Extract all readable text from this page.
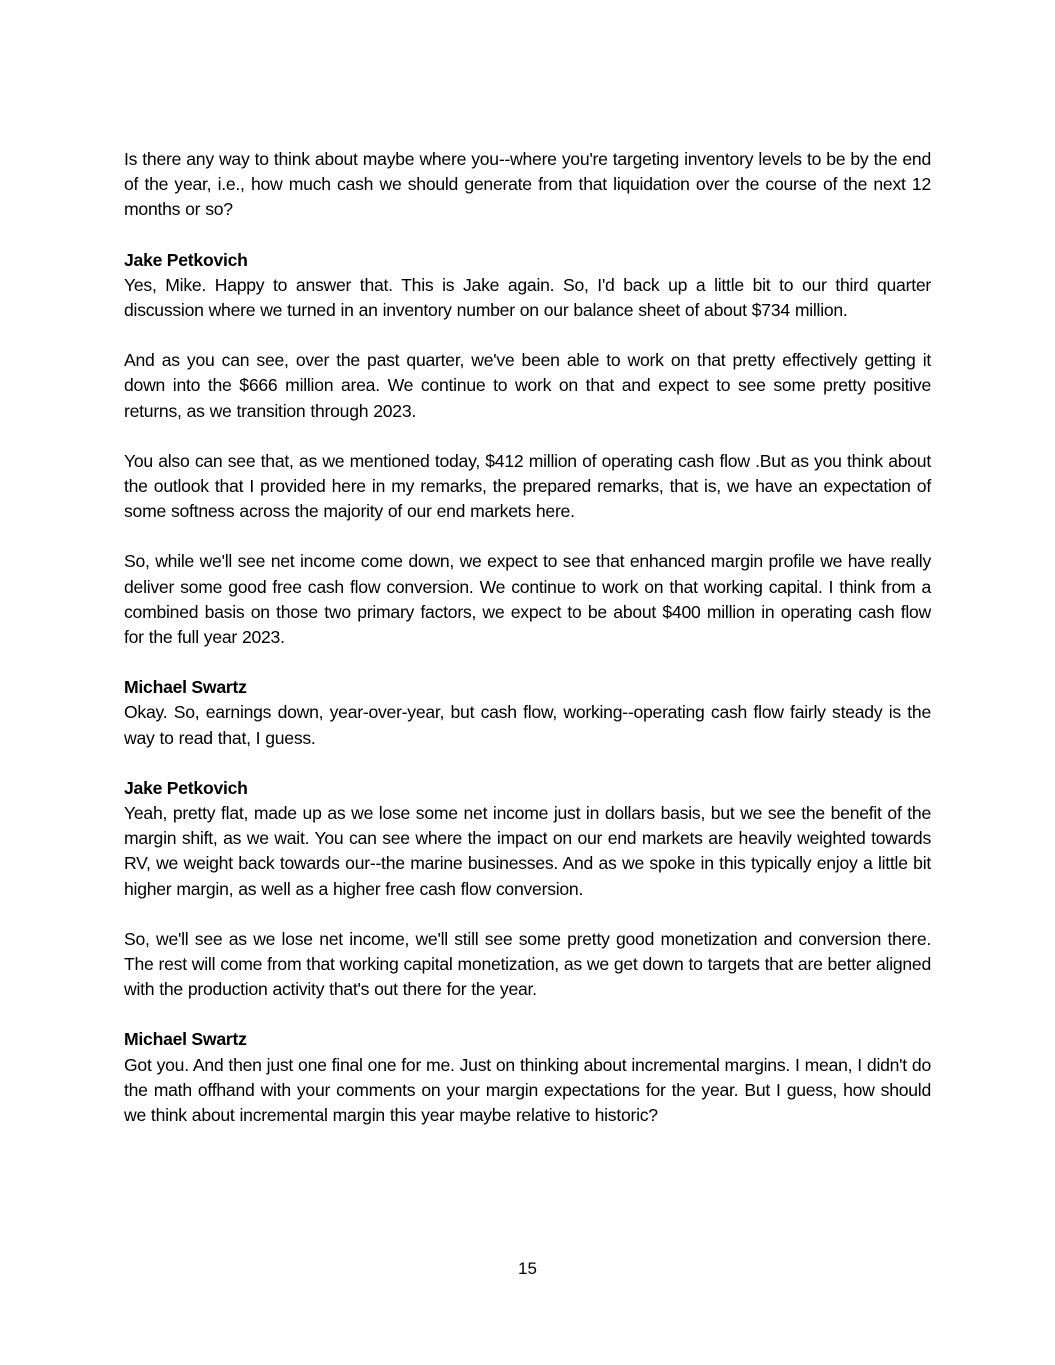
Is there any way to think about maybe where you--where you're targeting inventory levels to be by the end of the year, i.e., how much cash we should generate from that liquidation over the course of the next 12 months or so?

Jake Petkovich

Yes, Mike. Happy to answer that. This is Jake again. So, I'd back up a little bit to our third quarter discussion where we turned in an inventory number on our balance sheet of about $734 million.

And as you can see, over the past quarter, we've been able to work on that pretty effectively getting it down into the $666 million area. We continue to work on that and expect to see some pretty positive returns, as we transition through 2023.

You also can see that, as we mentioned today, $412 million of operating cash flow .But as you think about the outlook that I provided here in my remarks, the prepared remarks, that is, we have an expectation of some softness across the majority of our end markets here.

So, while we'll see net income come down, we expect to see that enhanced margin profile we have really deliver some good free cash flow conversion. We continue to work on that working capital. I think from a combined basis on those two primary factors, we expect to be about $400 million in operating cash flow for the full year 2023.

Michael Swartz

Okay. So, earnings down, year-over-year, but cash flow, working--operating cash flow fairly steady is the way to read that, I guess.

Jake Petkovich

Yeah, pretty flat, made up as we lose some net income just in dollars basis, but we see the benefit of the margin shift, as we wait. You can see where the impact on our end markets are heavily weighted towards RV, we weight back towards our--the marine businesses. And as we spoke in this typically enjoy a little bit higher margin, as well as a higher free cash flow conversion.

So, we'll see as we lose net income, we'll still see some pretty good monetization and conversion there. The rest will come from that working capital monetization, as we get down to targets that are better aligned with the production activity that's out there for the year.

Michael Swartz

Got you. And then just one final one for me. Just on thinking about incremental margins. I mean, I didn't do the math offhand with your comments on your margin expectations for the year. But I guess, how should we think about incremental margin this year maybe relative to historic?

15
